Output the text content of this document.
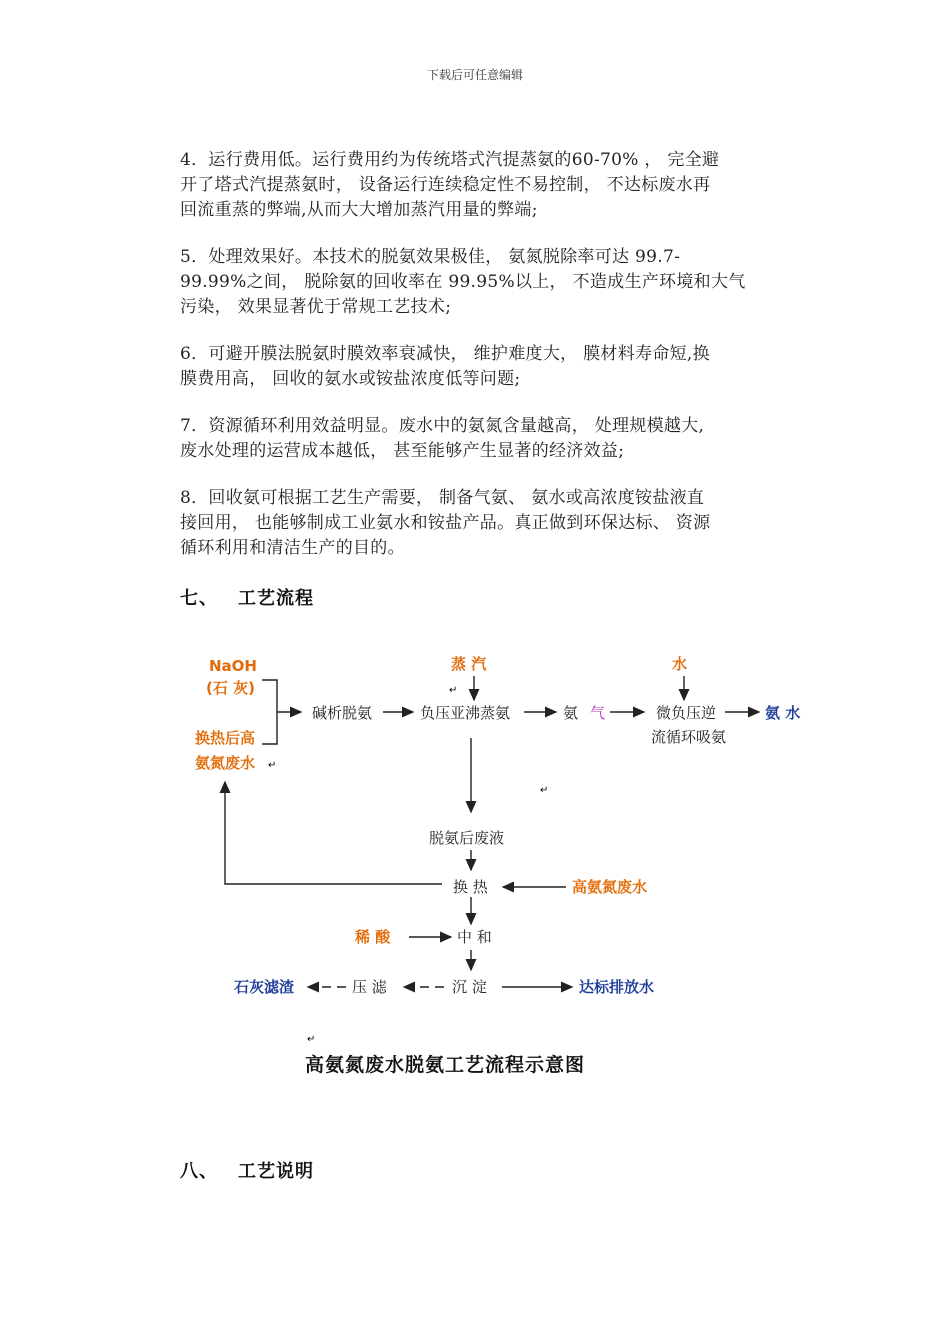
下载后可任意编辑
4．运行费用低。运行费用约为传统塔式汽提蒸氨的60-70% ， 完全避
开了塔式汽提蒸氨时， 设备运行连续稳定性不易控制， 不达标废水再
回流重蒸的弊端,从而大大增加蒸汽用量的弊端;
5．处理效果好。本技术的脱氨效果极佳， 氨氮脱除率可达 99.7-
99.99%之间， 脱除氨的回收率在 99.95%以上， 不造成生产环境和大气
污染， 效果显著优于常规工艺技术;
6．可避开膜法脱氨时膜效率衰减快， 维护难度大， 膜材料寿命短,换
膜费用高， 回收的氨水或铵盐浓度低等问题;
7．资源循环利用效益明显。废水中的氨氮含量越高， 处理规模越大,
废水处理的运营成本越低， 甚至能够产生显著的经济效益;
8．回收氨可根据工艺生产需要， 制备气氨、 氨水或高浓度铵盐液直
接回用， 也能够制成工业氨水和铵盐产品。真正做到环保达标、 资源
循环利用和清洁生产的目的。
七、 工艺流程
NaOH
(石 灰)
换热后高
氨氮废水
碱析脱氨	负压亚沸蒸氨
蒸 汽
氨 气
水
微负压逆
流循环吸氨
氨 水
脱氨后废液
换 热	高氨氮废水
稀 酸	中 和
石灰滤渣	压 滤	沉 淀	达标排放水
↵
↵
↵
↵
高氨氮废水脱氨工艺流程示意图
八、 工艺说明
